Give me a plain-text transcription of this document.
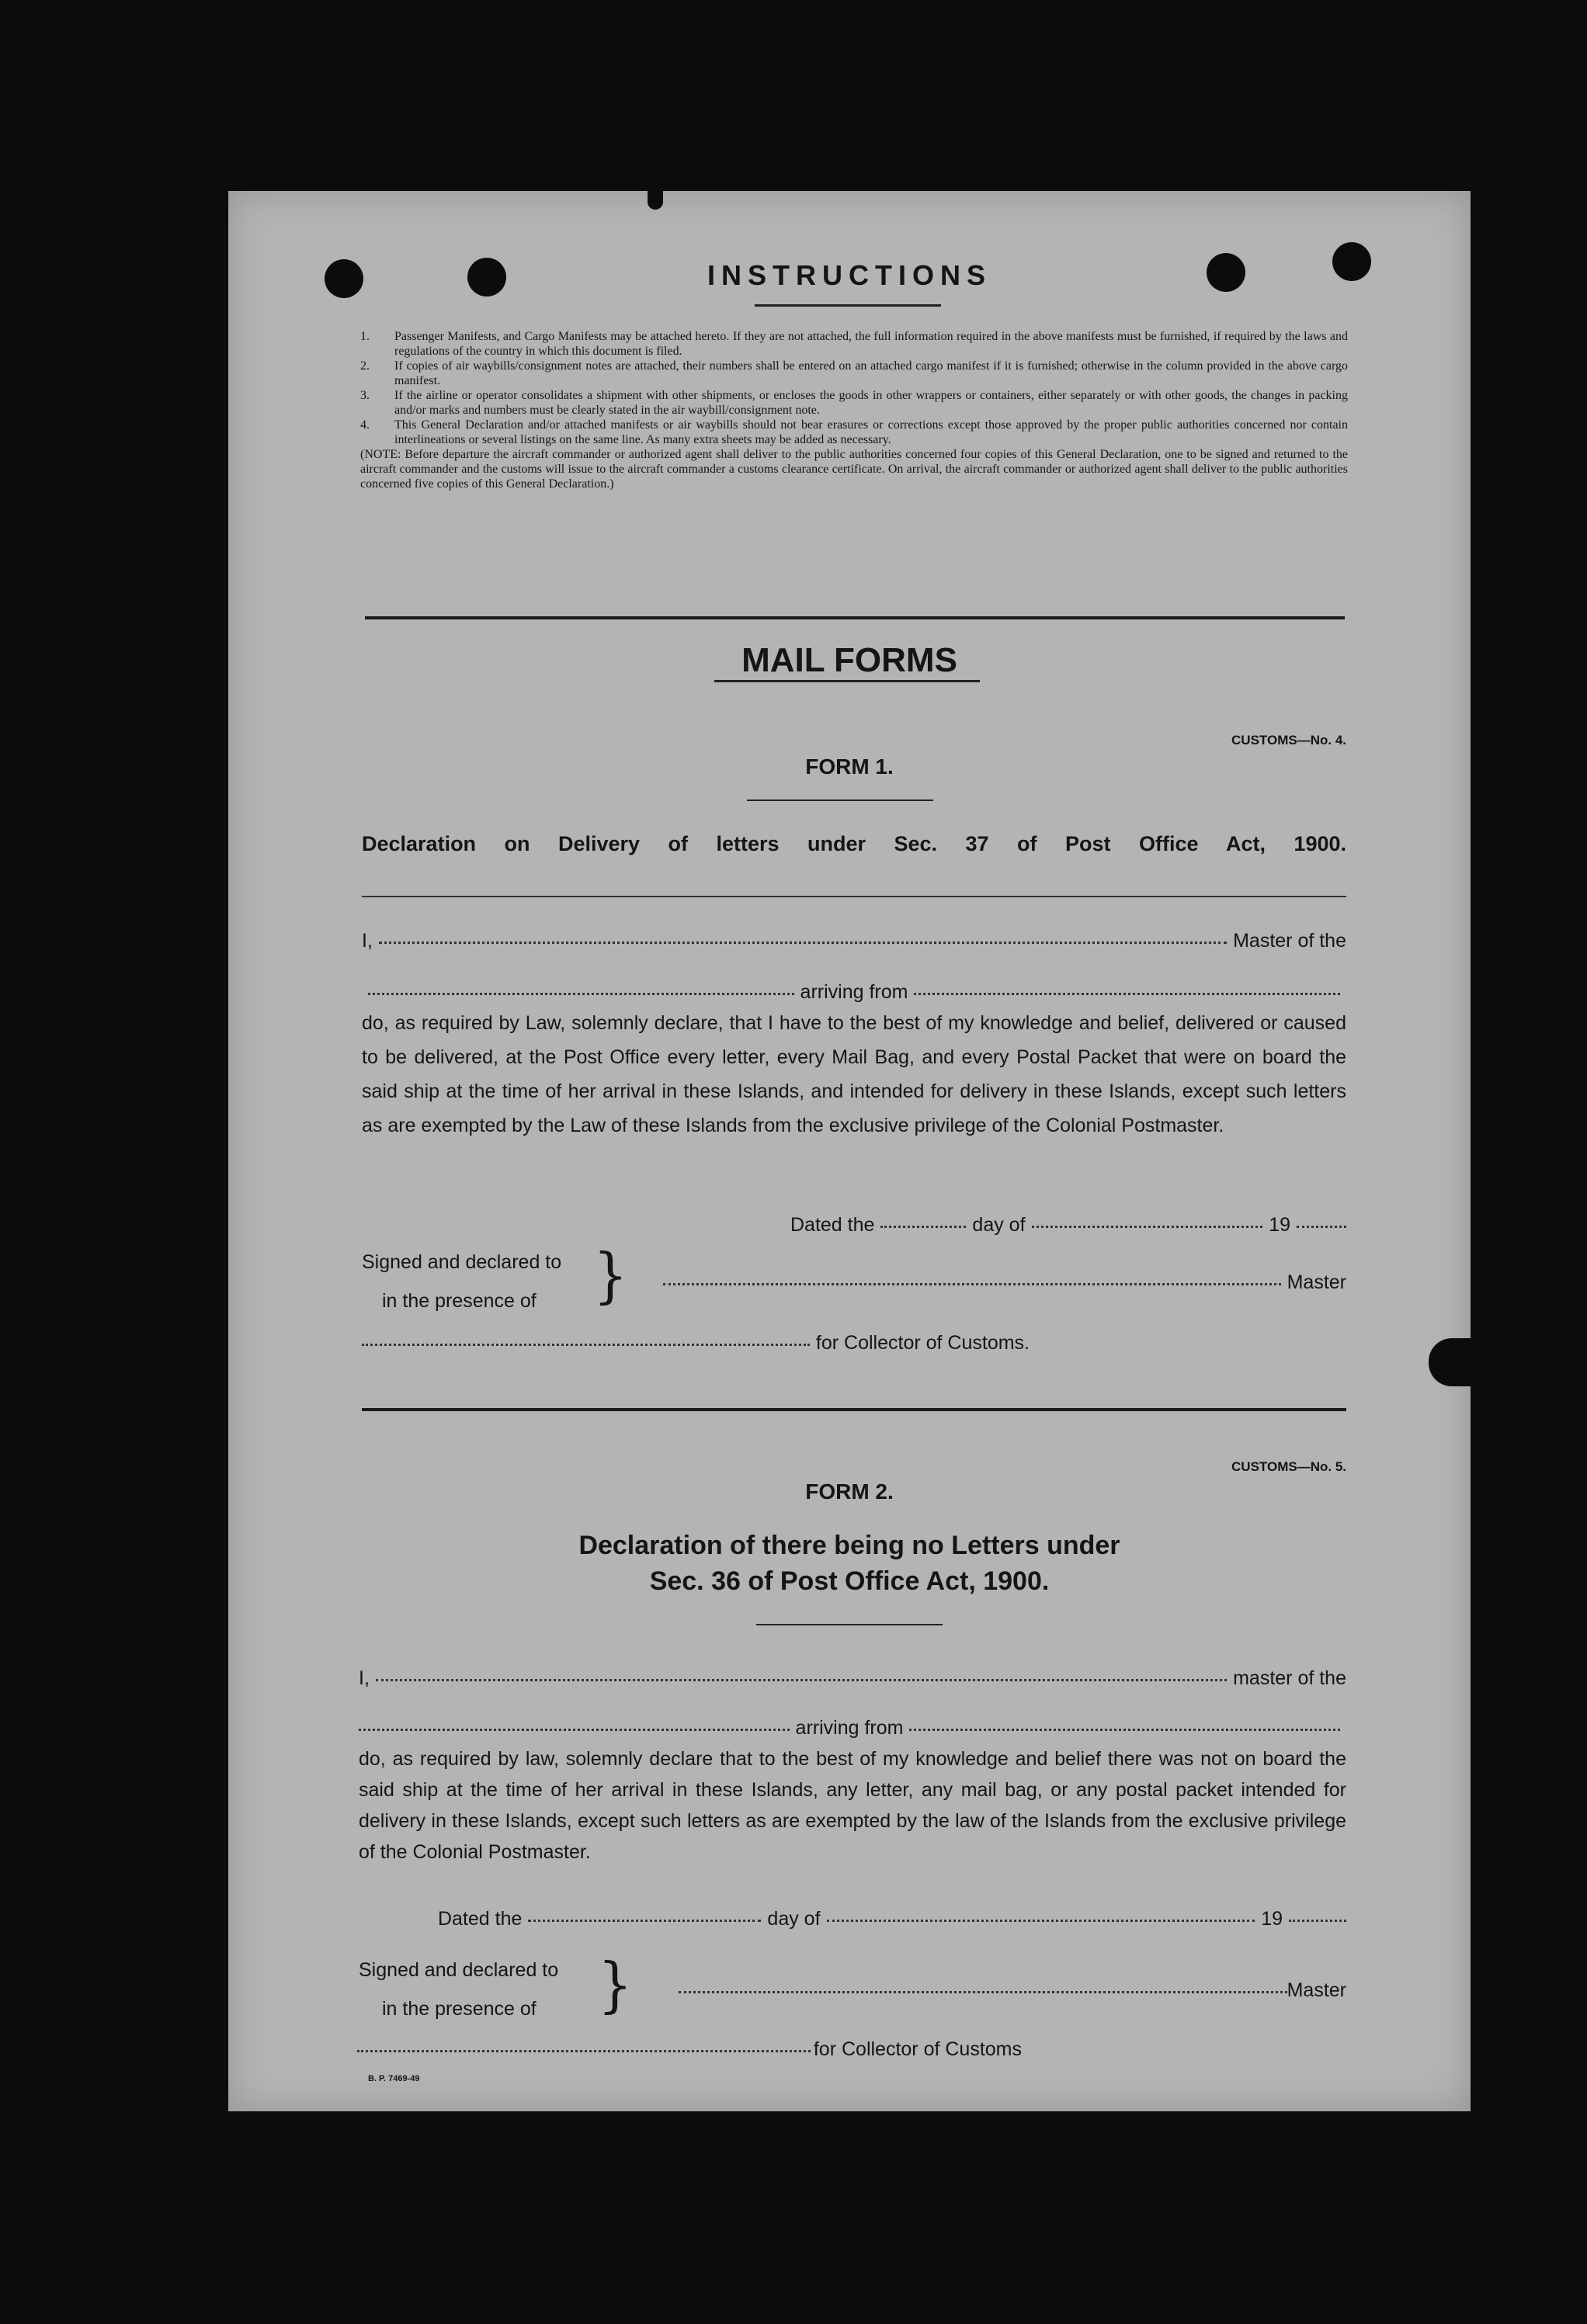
INSTRUCTIONS
1. Passenger Manifests, and Cargo Manifests may be attached hereto. If they are not attached, the full information required in the above manifests must be furnished, if required by the laws and regulations of the country in which this document is filed.
2. If copies of air waybills/consignment notes are attached, their numbers shall be entered on an attached cargo manifest if it is furnished; otherwise in the column provided in the above cargo manifest.
3. If the airline or operator consolidates a shipment with other shipments, or encloses the goods in other wrappers or containers, either separately or with other goods, the changes in packing and/or marks and numbers must be clearly stated in the air waybill/consignment note.
4. This General Declaration and/or attached manifests or air waybills should not bear erasures or corrections except those approved by the proper public authorities concerned nor contain interlineations or several listings on the same line. As many extra sheets may be added as necessary.
(NOTE: Before departure the aircraft commander or authorized agent shall deliver to the public authorities concerned four copies of this General Declaration, one to be signed and returned to the aircraft commander and the customs will issue to the aircraft commander a customs clearance certificate. On arrival, the aircraft commander or authorized agent shall deliver to the public authorities concerned five copies of this General Declaration.)
MAIL FORMS
CUSTOMS—No. 4.
FORM 1.
Declaration on Delivery of letters under Sec. 37 of Post Office Act, 1900.
I,	Master of the
arriving from
do, as required by Law, solemnly declare, that I have to the best of my knowledge and belief, delivered or caused to be delivered, at the Post Office every letter, every Mail Bag, and every Postal Packet that were on board the said ship at the time of her arrival in these Islands, and intended for delivery in these Islands, except such letters as are exempted by the Law of these Islands from the exclusive privilege of the Colonial Postmaster.
Dated the	day of	19
Signed and declared to
in the presence of }	Master
for Collector of Customs.
CUSTOMS—No. 5.
FORM 2.
Declaration of there being no Letters under
Sec. 36 of Post Office Act, 1900.
I,	master of the
arriving from
do, as required by law, solemnly declare that to the best of my knowledge and belief there was not on board the said ship at the time of her arrival in these Islands, any letter, any mail bag, or any postal packet intended for delivery in these Islands, except such letters as are exempted by the law of the Islands from the exclusive privilege of the Colonial Postmaster.
Dated the	day of	19
Signed and declared to
in the presence of }	Master
for Collector of Customs
B. P. 7469-49
